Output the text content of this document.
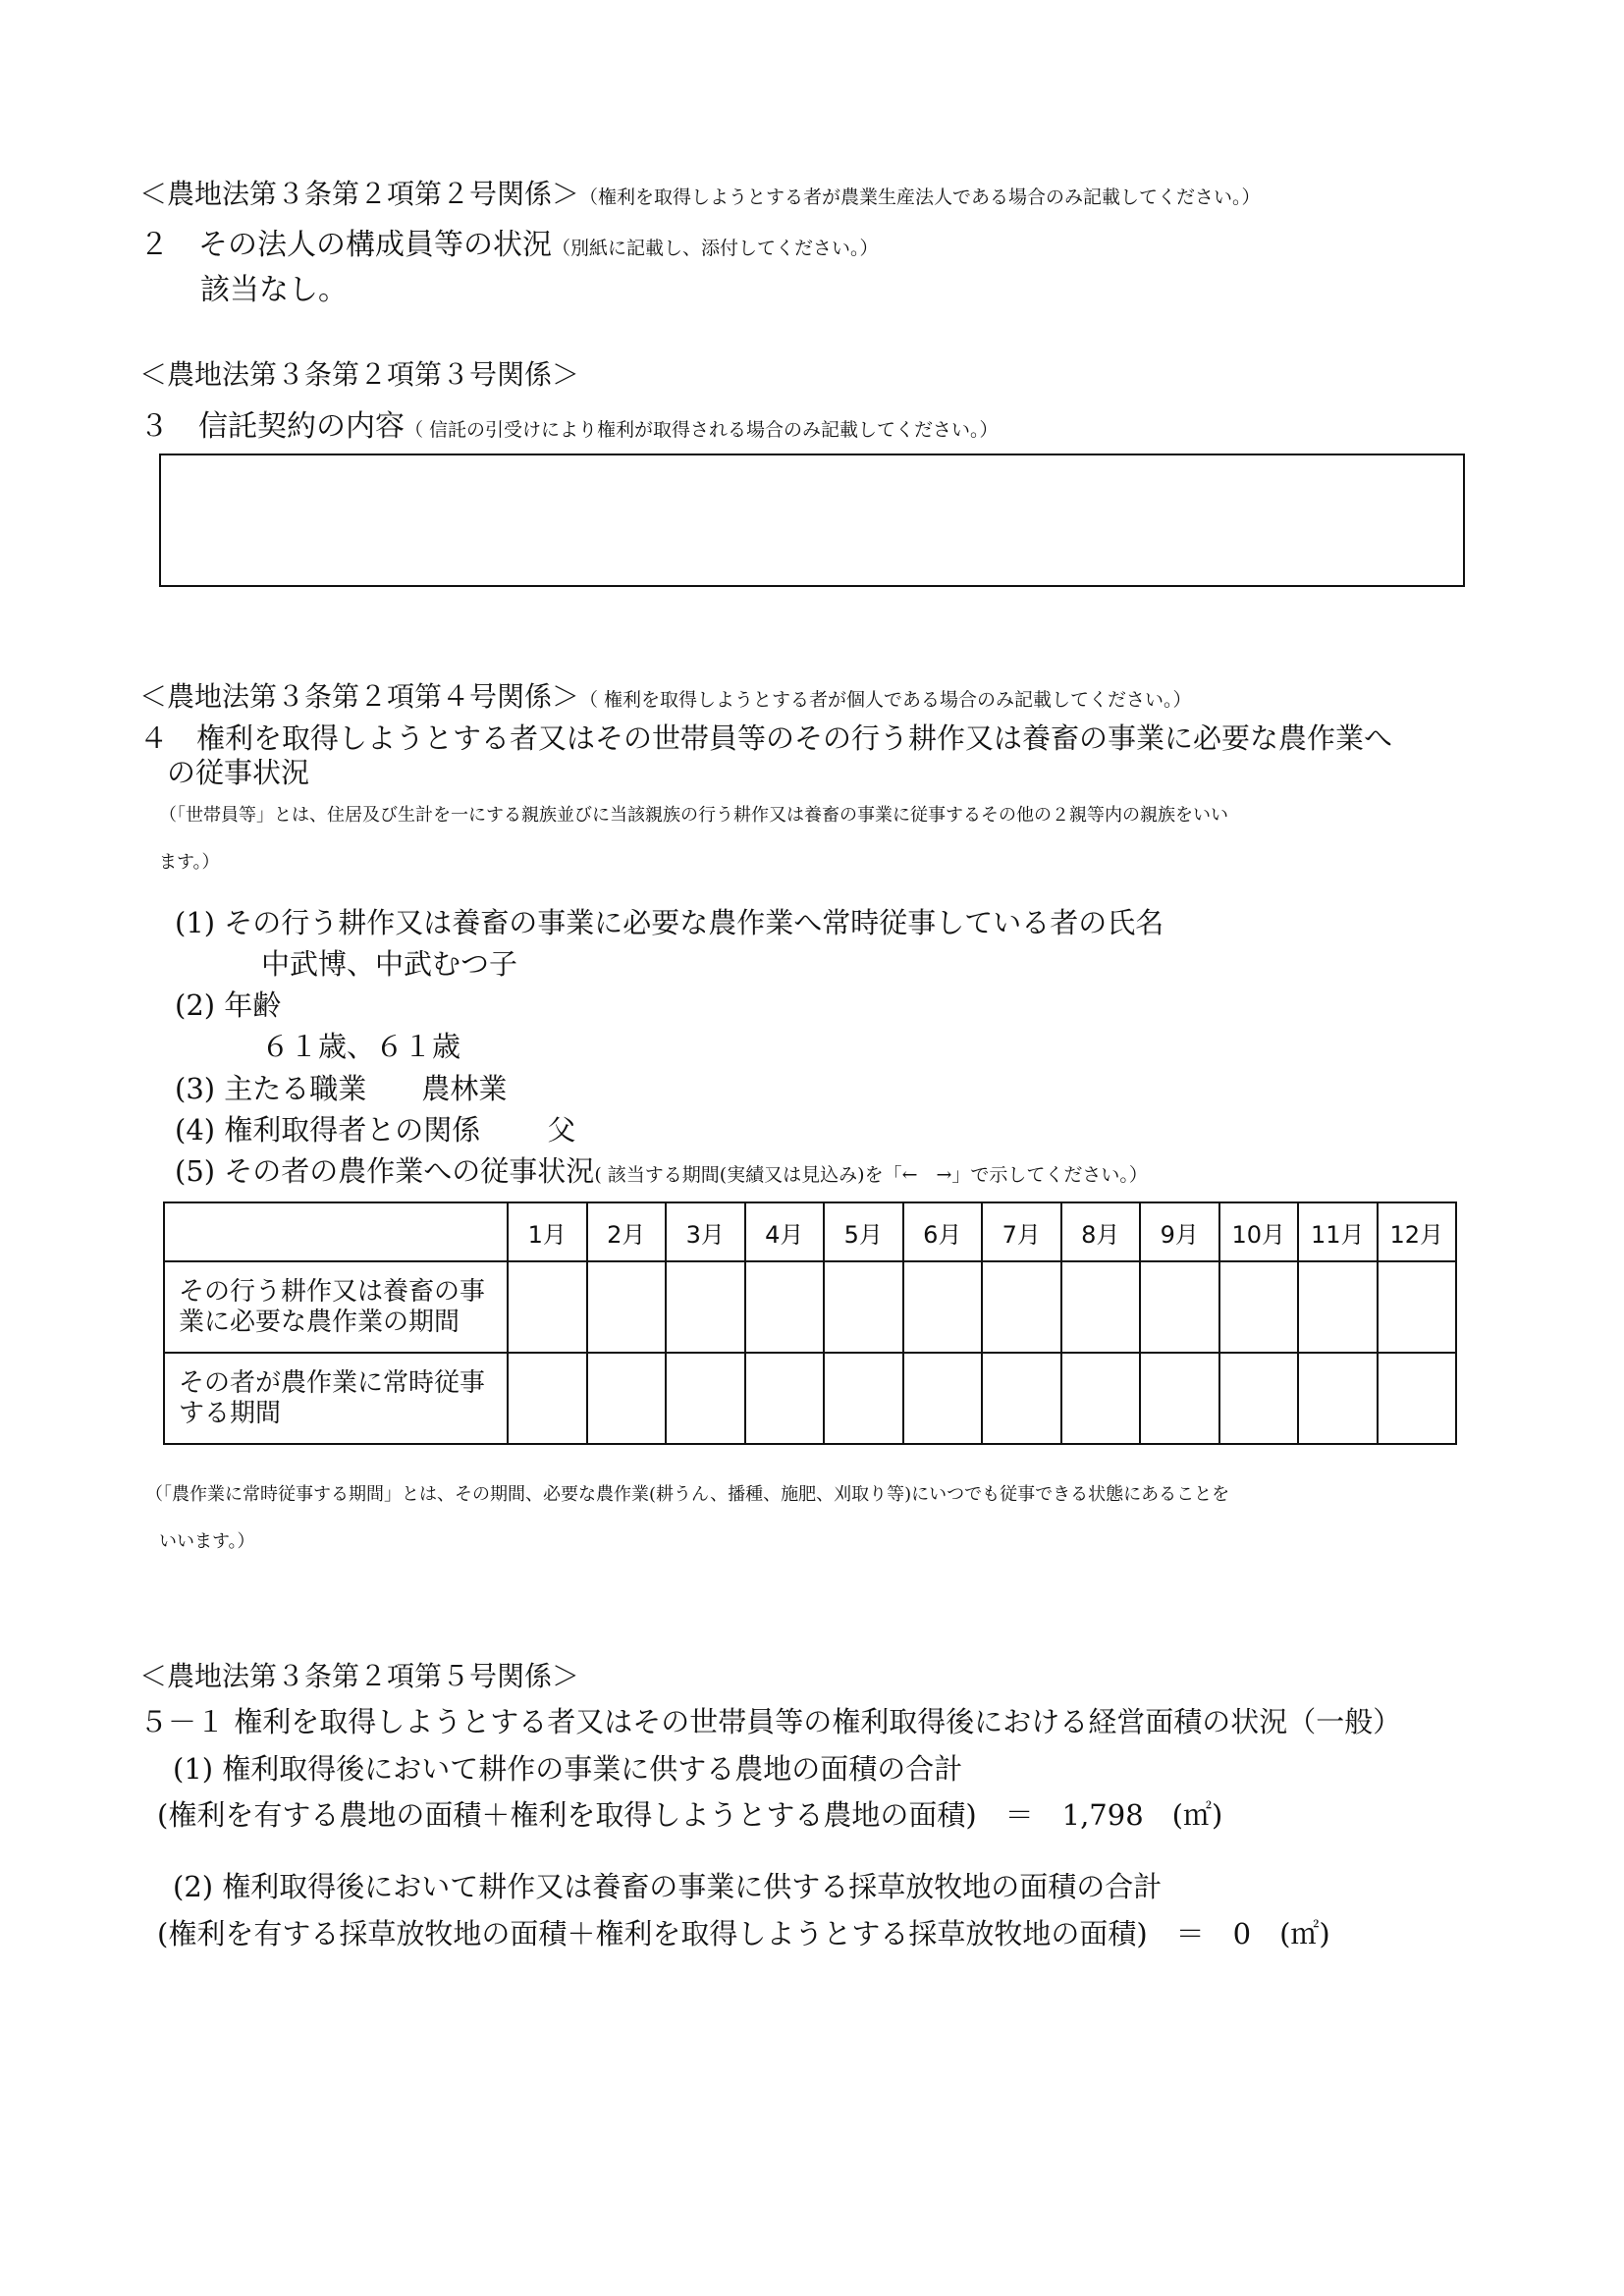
＜農地法第３条第２項第２号関係＞（権利を取得しようとする者が農業生産法人である場合のみ記載してください。）
２　その法人の構成員等の状況（別紙に記載し、添付してください。）
該当なし。
＜農地法第３条第２項第３号関係＞
３　信託契約の内容（ 信託の引受けにより権利が取得される場合のみ記載してください。）
＜農地法第３条第２項第４号関係＞（ 権利を取得しようとする者が個人である場合のみ記載してください。）
４　権利を取得しようとする者又はその世帯員等のその行う耕作又は養畜の事業に必要な農作業へ
の従事状況
（「世帯員等」とは、住居及び生計を一にする親族並びに当該親族の行う耕作又は養畜の事業に従事するその他の２親等内の親族をいい
ます。）
(1) その行う耕作又は養畜の事業に必要な農作業へ常時従事している者の氏名
中武博、中武むつ子
(2) 年齢
６１歳、６１歳
(3) 主たる職業 農林業
(4) 権利取得者との関係 父
(5) その者の農作業への従事状況( 該当する期間(実績又は見込み)を「←　→」で示してください。）
	1月	2月	3月	4月	5月	6月	7月	8月	9月	10月	11月	12月
その行う耕作又は養畜の事業に必要な農作業の期間												
その者が農作業に常時従事する期間												
（「農作業に常時従事する期間」とは、その期間、必要な農作業(耕うん、播種、施肥、刈取り等)にいつでも従事できる状態にあることを
いいます。）
＜農地法第３条第２項第５号関係＞
５－１ 権利を取得しようとする者又はその世帯員等の権利取得後における経営面積の状況（一般）
(1) 権利取得後において耕作の事業に供する農地の面積の合計
(権利を有する農地の面積＋権利を取得しようとする農地の面積)　＝　1,798　(㎡)
(2) 権利取得後において耕作又は養畜の事業に供する採草放牧地の面積の合計
(権利を有する採草放牧地の面積＋権利を取得しようとする採草放牧地の面積)　＝　0　(㎡)
